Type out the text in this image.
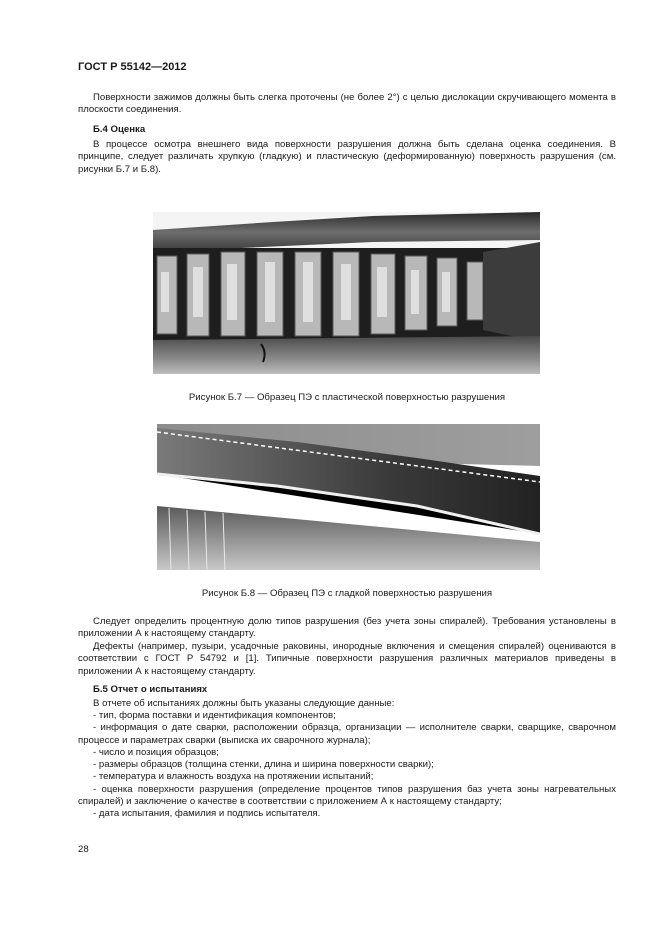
ГОСТ Р 55142—2012
Поверхности зажимов должны быть слегка проточены (не более 2°) с целью дислокации скручивающего момента в плоскости соединения.
Б.4 Оценка
В процессе осмотра внешнего вида поверхности разрушения должна быть сделана оценка соединения. В принципе, следует различать хрупкую (гладкую) и пластическую (деформированную) поверхность разрушения (см. рисунки Б.7 и Б.8).
Рисунок Б.7 — Образец ПЭ с пластической поверхностью разрушения
Рисунок Б.8 — Образец ПЭ с гладкой поверхностью разрушения
Следует определить процентную долю типов разрушения (без учета зоны спиралей). Требования установлены в приложении А к настоящему стандарту.
Дефекты (например, пузыри, усадочные раковины, инородные включения и смещения спиралей) оцениваются в соответствии с ГОСТ Р 54792 и [1]. Типичные поверхности разрушения различных материалов приведены в приложении А к настоящему стандарту.
Б.5 Отчет о испытаниях
В отчете об испытаниях должны быть указаны следующие данные:
- тип, форма поставки и идентификация компонентов;
- информация о дате сварки, расположении образца, организации — исполнителе сварки, сварщике, сварочном процессе и параметрах сварки (выписка их сварочного журнала);
- число и позиция образцов;
- размеры образцов (толщина стенки, длина и ширина поверхности сварки);
- температура и влажность воздуха на протяжении испытаний;
- оценка поверхности разрушения (определение процентов типов разрушения баз учета зоны нагревательных спиралей) и заключение о качестве в соответствии с приложением А к настоящему стандарту;
- дата испытания, фамилия и подпись испытателя.
28
